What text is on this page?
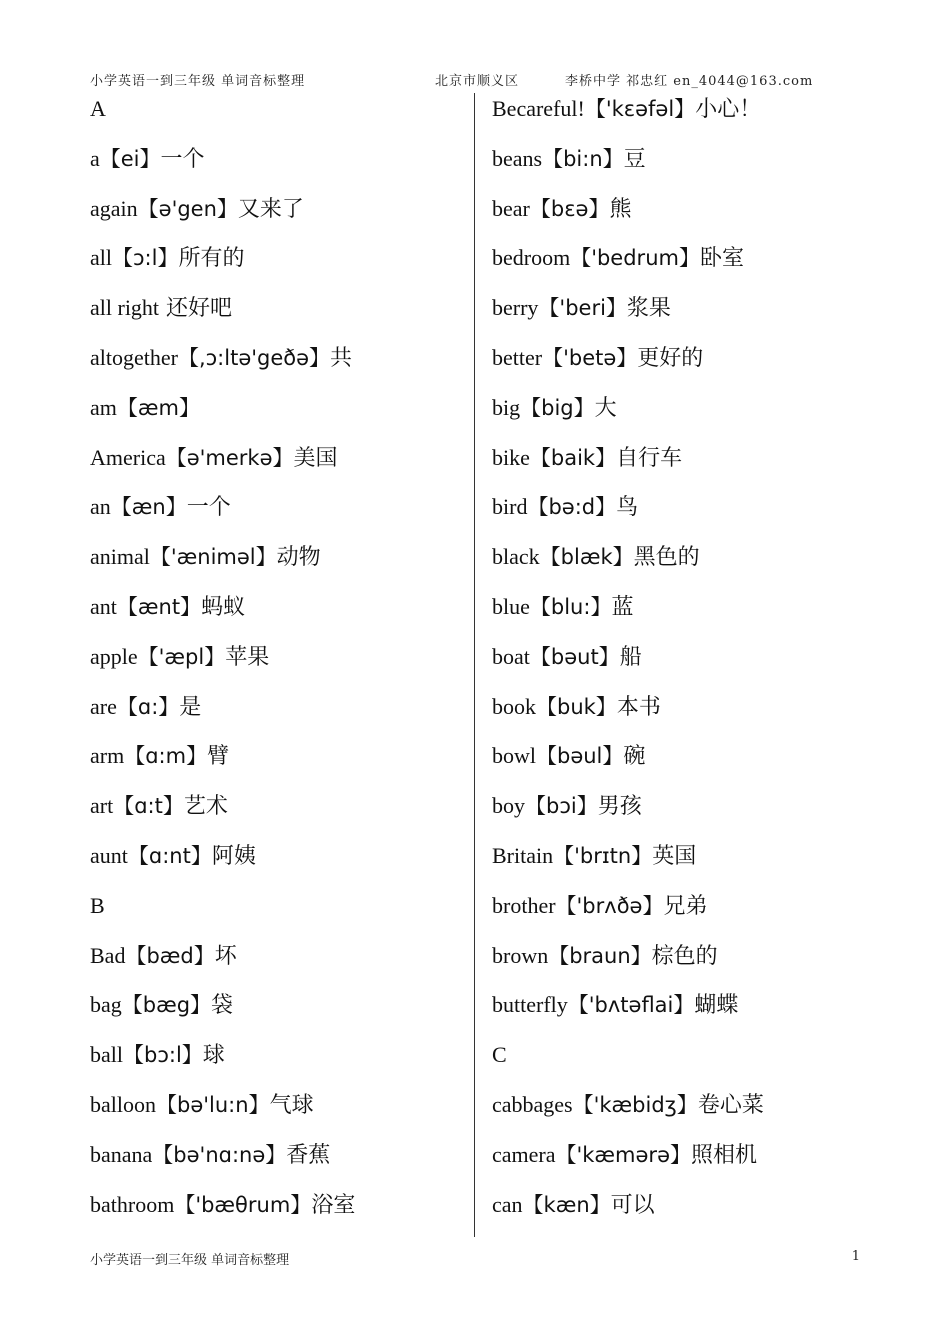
小学英语一到三年级 单词音标整理	北京市顺义区	李桥中学 祁忠红 en_4044@163.com
A
a【ei】一个
again【ə'gen】又来了
all【ɔ:l】所有的
all right 还好吧
altogether【,ɔ:ltə'geðə】共
am【æm】
America【ə'merkə】美国
an【æn】一个
animal【'æniməl】动物
ant【ænt】蚂蚁
apple【'æpl】苹果
are【ɑ:】是
arm【ɑ:m】臂
art【ɑ:t】艺术
aunt【ɑ:nt】阿姨
B
Bad【bæd】坏
bag【bæg】袋
ball【bɔ:l】球
balloon【bə'lu:n】气球
banana【bə'nɑ:nə】香蕉
bathroom【'bæθrum】浴室
Becareful!【'kɛəfəl】小心！
beans【bi:n】豆
bear【bɛə】熊
bedroom【'bedrum】卧室
berry【'beri】浆果
better【'betə】更好的
big【big】大
bike【baik】自行车
bird【bə:d】鸟
black【blæk】黑色的
blue【blu:】蓝
boat【bəut】船
book【buk】本书
bowl【bəul】碗
boy【bɔi】男孩
Britain【'brɪtn】英国
brother【'brʌðə】兄弟
brown【braun】棕色的
butterfly【'bʌtəflai】蝴蝶
C
cabbages【'kæbidʒ】卷心菜
camera【'kæmərə】照相机
can【kæn】可以
小学英语一到三年级 单词音标整理	1
